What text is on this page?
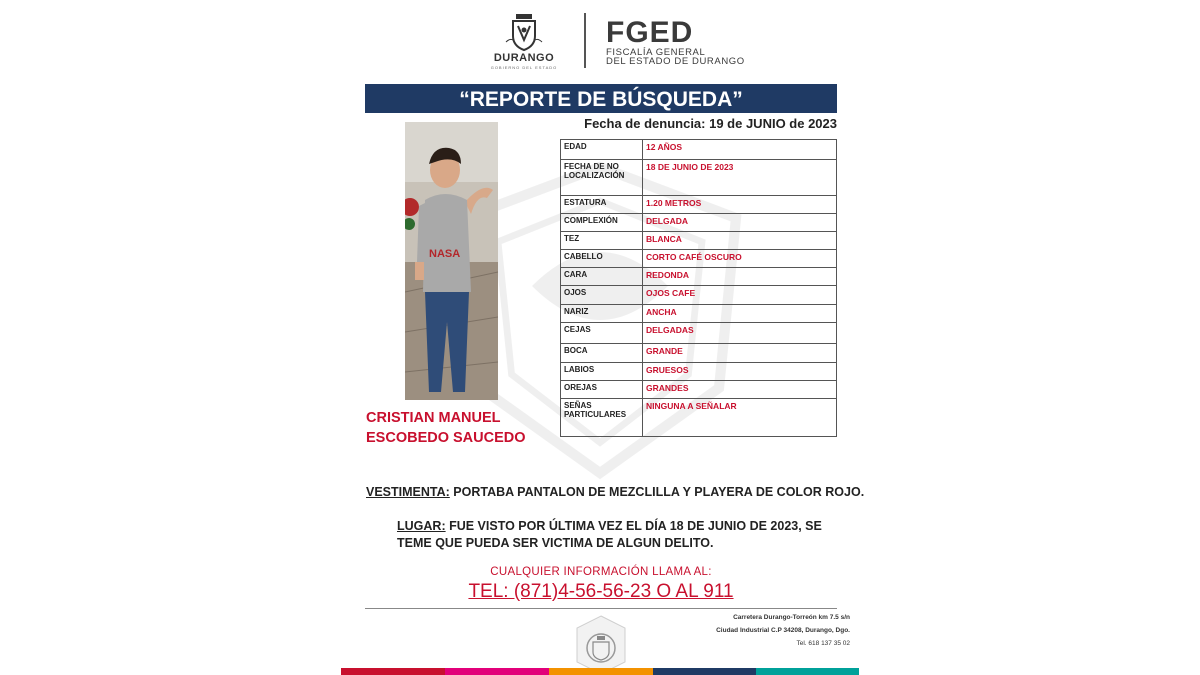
DURANGO
GOBIERNO DEL ESTADO
FGED
FISCALÍA GENERAL
DEL ESTADO DE DURANGO
“REPORTE DE BÚSQUEDA”
Fecha de denuncia: 19 de JUNIO de 2023
NASA
CRISTIAN MANUEL
ESCOBEDO SAUCEDO
EDAD	12 AÑOS
FECHA DE NO LOCALIZACIÓN	18 DE JUNIO DE 2023
ESTATURA	1.20 METROS
COMPLEXIÓN	DELGADA
TEZ	BLANCA
CABELLO	CORTO CAFÉ OSCURO
CARA	REDONDA
OJOS	OJOS CAFE
NARIZ	ANCHA
CEJAS	DELGADAS
BOCA	GRANDE
LABIOS	GRUESOS
OREJAS	GRANDES
SEÑAS PARTICULARES	NINGUNA A SEÑALAR
VESTIMENTA: PORTABA PANTALON DE MEZCLILLA Y PLAYERA DE COLOR ROJO.
LUGAR: FUE VISTO POR ÚLTIMA VEZ EL DÍA 18 DE JUNIO DE 2023, SE TEME QUE PUEDA SER VICTIMA DE ALGUN DELITO.
CUALQUIER INFORMACIÓN LLAMA AL:
TEL: (871)4-56-56-23 O AL 911
Carretera Durango-Torreón km 7.5 s/n
Ciudad Industrial C.P 34208, Durango, Dgo.
Tel. 618 137 35 02
